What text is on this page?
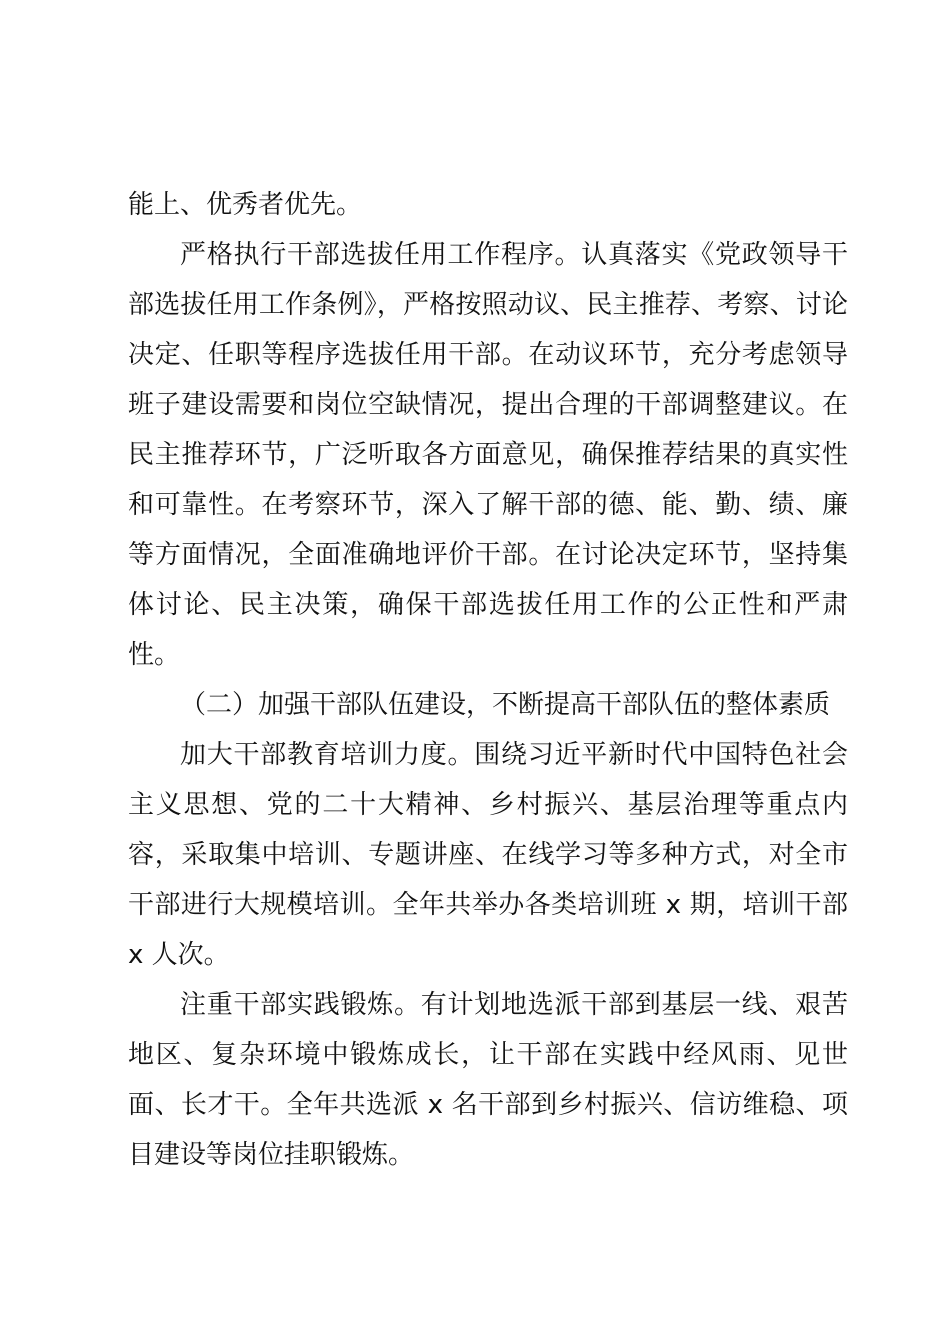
能上、优秀者优先。

严格执行干部选拔任用工作程序。认真落实《党政领导干部选拔任用工作条例》，严格按照动议、民主推荐、考察、讨论决定、任职等程序选拔任用干部。在动议环节，充分考虑领导班子建设需要和岗位空缺情况，提出合理的干部调整建议。在民主推荐环节，广泛听取各方面意见，确保推荐结果的真实性和可靠性。在考察环节，深入了解干部的德、能、勤、绩、廉等方面情况，全面准确地评价干部。在讨论决定环节，坚持集体讨论、民主决策，确保干部选拔任用工作的公正性和严肃性。

（二）加强干部队伍建设，不断提高干部队伍的整体素质

加大干部教育培训力度。围绕习近平新时代中国特色社会主义思想、党的二十大精神、乡村振兴、基层治理等重点内容，采取集中培训、专题讲座、在线学习等多种方式，对全市干部进行大规模培训。全年共举办各类培训班 x 期，培训干部 x 人次。

注重干部实践锻炼。有计划地选派干部到基层一线、艰苦地区、复杂环境中锻炼成长，让干部在实践中经风雨、见世面、长才干。全年共选派 x 名干部到乡村振兴、信访维稳、项目建设等岗位挂职锻炼。
